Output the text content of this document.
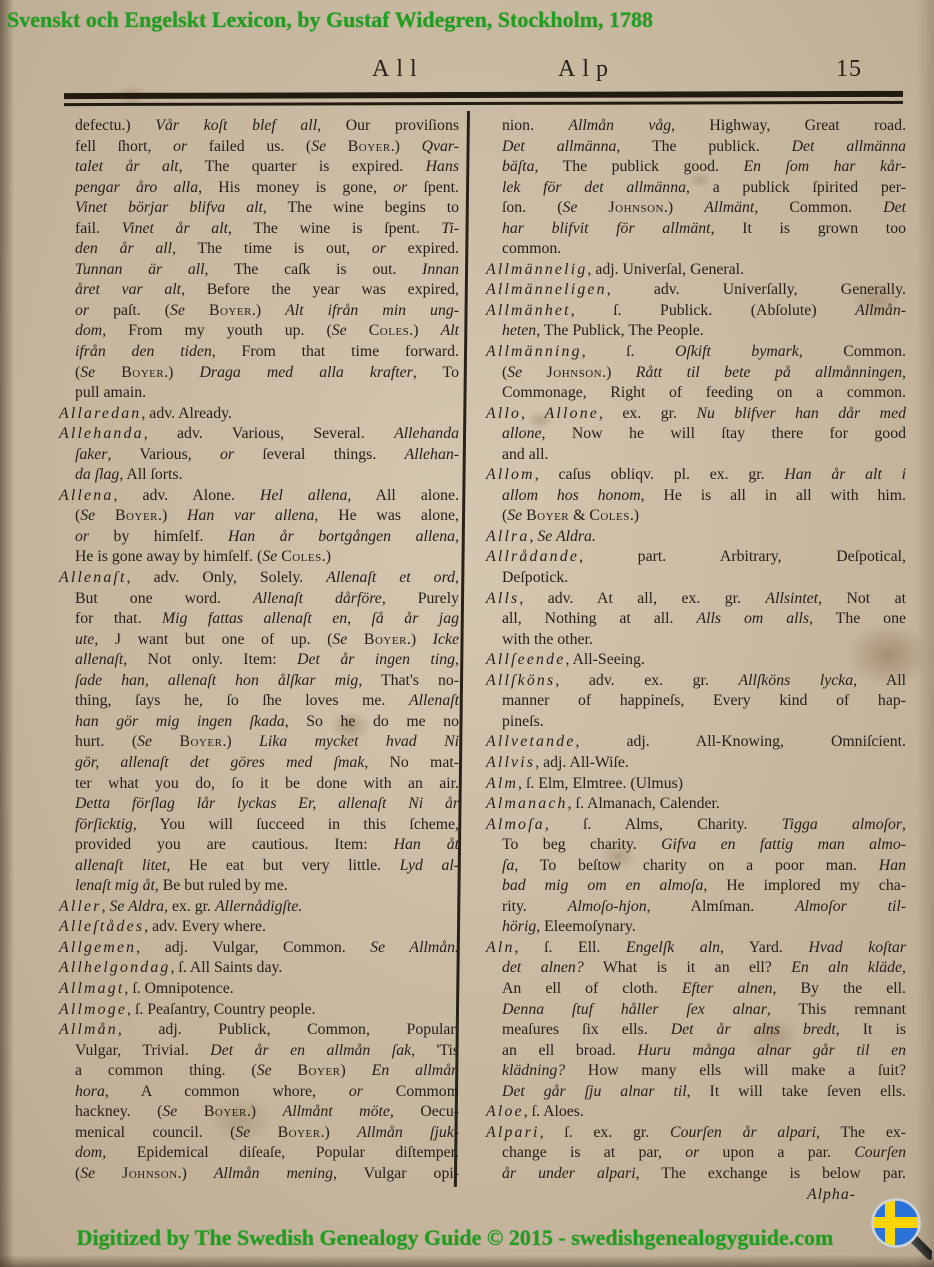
Svenskt och Engelskt Lexicon, by Gustaf Widegren, Stockholm, 1788
All	Alp	15
defectu.) Vår koſt blef all, Our proviſions
fell ſhort, or failed us. (Se Boyer.) Qvar-
talet år alt, The quarter is expired. Hans
pengar åro alla, His money is gone, or ſpent.
Vinet börjar blifva alt, The wine begins to
fail. Vinet år alt, The wine is ſpent. Ti-
den år all, The time is out, or expired.
Tunnan är all, The caſk is out. Innan
året var alt, Before the year was expired,
or paſt. (Se Boyer.) Alt ifrån min ung-
dom, From my youth up. (Se Coles.) Alt
ifrån den tiden, From that time forward.
(Se Boyer.) Draga med alla krafter, To
pull amain.
Allaredan, adv. Already.
Allehanda, adv. Various, Several. Allehanda
ſaker, Various, or ſeveral things. Allehan-
da ſlag, All ſorts.
Allena, adv. Alone. Hel allena, All alone.
(Se Boyer.) Han var allena, He was alone,
or by himſelf. Han år bortgången allena,
He is gone away by himſelf. (Se Coles.)
Allenaſt, adv. Only, Solely. Allenaſt et ord,
But one word. Allenaſt dårföre, Purely
for that. Mig fattas allenaſt en, ſå år jag
ute, J want but one of up. (Se Boyer.) Icke
allenaſt, Not only. Item: Det år ingen ting,
ſade han, allenaſt hon ålſkar mig, That's no-
thing, ſays he, ſo ſhe loves me. Allenaſt
han gör mig ingen ſkada, So he do me no
hurt. (Se Boyer.) Lika mycket hvad Ni
gör, allenaſt det göres med ſmak, No mat-
ter what you do, ſo it be done with an air.
Detta förſlag lår lyckas Er, allenaſt Ni år
förſicktig, You will ſucceed in this ſcheme,
provided you are cautious. Item: Han åt
allenaſt litet, He eat but very little. Lyd al-
lenaſt mig åt, Be but ruled by me.
Aller, Se Aldra, ex. gr. Allernådigſte.
Alleſtådes, adv. Every where.
Allgemen, adj. Vulgar, Common. Se Allmån.
Allhelgondag, ſ. All Saints day.
Allmagt, ſ. Omnipotence.
Allmoge, ſ. Peaſantry, Country people.
Allmån, adj. Publick, Common, Popular,
Vulgar, Trivial. Det år en allmån ſak, 'Tis
a common thing. (Se Boyer) En allmån
hora, A common whore, or Commom
hackney. (Se Boyer.) Allmånt möte, Oecu-
menical council. (Se Boyer.) Allmån ſjuk-
dom, Epidemical diſeaſe, Popular diſtemper.
(Se Johnson.) Allmån mening, Vulgar opi-
nion. Allmån våg, Highway, Great road.
Det allmänna, The publick. Det allmänna
bäſta, The publick good. En ſom har kår-
lek för det allmänna, a publick ſpirited per-
ſon. (Se Johnson.) Allmänt, Common. Det
har blifvit för allmänt, It is grown too
common.
Allmännelig, adj. Univerſal, General.
Allmänneligen, adv. Univerſally, Generally.
Allmänhet, ſ. Publick. (Abſolute) Allmån-
heten, The Publick, The People.
Allmänning, ſ. Oſkift bymark, Common.
(Se Johnson.) Rått til bete på allmånningen,
Commonage, Right of feeding on a common.
Allo, Allone, ex. gr. Nu blifver han dår med
allone, Now he will ſtay there for good
and all.
Allom, caſus obliqv. pl. ex. gr. Han år alt i
allom hos honom, He is all in all with him.
(Se Boyer & Coles.)
Allra, Se Aldra.
Allrådande, part. Arbitrary, Deſpotical,
Deſpotick.
Alls, adv. At all, ex. gr. Allsintet, Not at
all, Nothing at all. Alls om alls, The one
with the other.
Allſeende, All-Seeing.
Allſköns, adv. ex. gr. Allſköns lycka, All
manner of happineſs, Every kind of hap-
pineſs.
Allvetande, adj. All-Knowing, Omniſcient.
Allvis, adj. All-Wiſe.
Alm, ſ. Elm, Elmtree. (Ulmus)
Almanach, ſ. Almanach, Calender.
Almoſa, ſ. Alms, Charity. Tigga almoſor,
To beg charity. Gifva en fattig man almo-
ſa, To beſtow charity on a poor man. Han
bad mig om en almoſa, He implored my cha-
rity. Almoſo-hjon, Almſman. Almoſor til-
hörig, Eleemoſynary.
Aln, ſ. Ell. Engelſk aln, Yard. Hvad koſtar
det alnen? What is it an ell? En aln kläde,
An ell of cloth. Efter alnen, By the ell.
Denna ſtuf håller ſex alnar, This remnant
meaſures ſix ells. Det år alns bredt, It is
an ell broad. Huru många alnar går til en
klädning? How many ells will make a ſuit?
Det går ſju alnar til, It will take ſeven ells.
Aloe, ſ. Aloes.
Alpari, ſ. ex. gr. Courſen år alpari, The ex-
change is at par, or upon a par. Courſen
år under alpari, The exchange is below par.
Alpha-
Digitized by The Swedish Genealogy Guide © 2015 - swedishgenealogyguide.com
